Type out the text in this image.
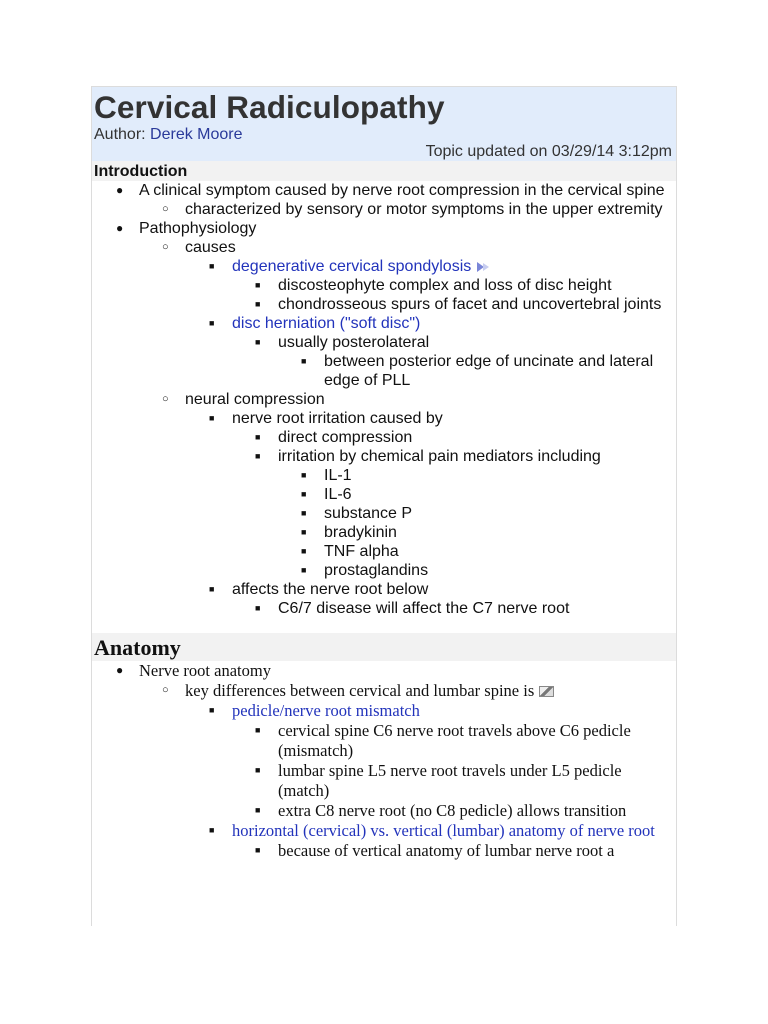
Cervical Radiculopathy
Author: Derek Moore
Topic updated on 03/29/14 3:12pm
Introduction
● A clinical symptom caused by nerve root compression in the cervical spine
○ characterized by sensory or motor symptoms in the upper extremity
● Pathophysiology
○ causes
■ degenerative cervical spondylosis
■ discosteophyte complex and loss of disc height
■ chondrosseous spurs of facet and uncovertebral joints
■ disc herniation ("soft disc")
■ usually posterolateral
■ between posterior edge of uncinate and lateral edge of PLL
○ neural compression
■ nerve root irritation caused by
■ direct compression
■ irritation by chemical pain mediators including
■ IL-1
■ IL-6
■ substance P
■ bradykinin
■ TNF alpha
■ prostaglandins
■ affects the nerve root below
■ C6/7 disease will affect the C7 nerve root
Anatomy
● Nerve root anatomy
○ key differences between cervical and lumbar spine is
■ pedicle/nerve root mismatch
■ cervical spine C6 nerve root travels above C6 pedicle (mismatch)
■ lumbar spine L5 nerve root travels under L5 pedicle (match)
■ extra C8 nerve root (no C8 pedicle) allows transition
■ horizontal (cervical) vs. vertical (lumbar) anatomy of nerve root
■ because of vertical anatomy of lumbar nerve root a
